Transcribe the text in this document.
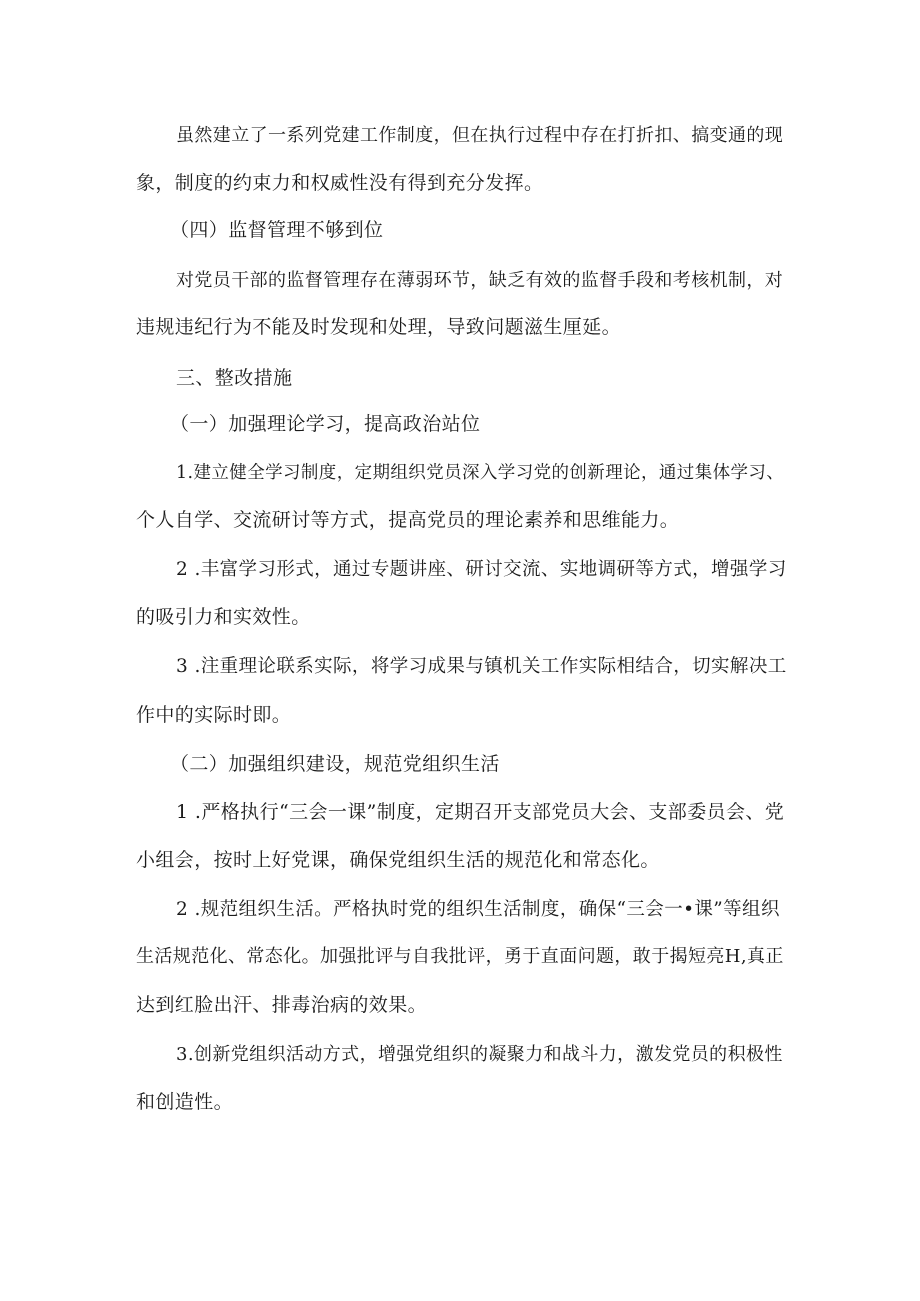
虽然建立了一系列党建工作制度，但在执行过程中存在打折扣、搞变通的现

象，制度的约束力和权威性没有得到充分发挥。

（四）监督管理不够到位

对党员干部的监督管理存在薄弱环节，缺乏有效的监督手段和考核机制，对

违规违纪行为不能及时发现和处理，导致问题滋生厘延。

三、整改措施

（一）加强理论学习，提高政治站位

1.建立健全学习制度，定期组织党员深入学习党的创新理论，通过集体学习、

个人自学、交流研讨等方式，提高党员的理论素养和思维能力。

2 .丰富学习形式，通过专题讲座、研讨交流、实地调研等方式，增强学习

的吸引力和实效性。

3 .注重理论联系实际，将学习成果与镇机关工作实际相结合，切实解决工

作中的实际时即。

（二）加强组织建设，规范党组织生活

1 .严格执行“三会一课”制度，定期召开支部党员大会、支部委员会、党

小组会，按时上好党课，确保党组织生活的规范化和常态化。

2 .规范组织生活。严格执时党的组织生活制度，确保“三会一•课”等组织

生活规范化、常态化。加强批评与自我批评，勇于直面问题，敢于揭短亮H,真正

达到红脸出汗、排毒治病的效果。

3.创新党组织活动方式，增强党组织的凝聚力和战斗力，激发党员的积极性

和创造性。
